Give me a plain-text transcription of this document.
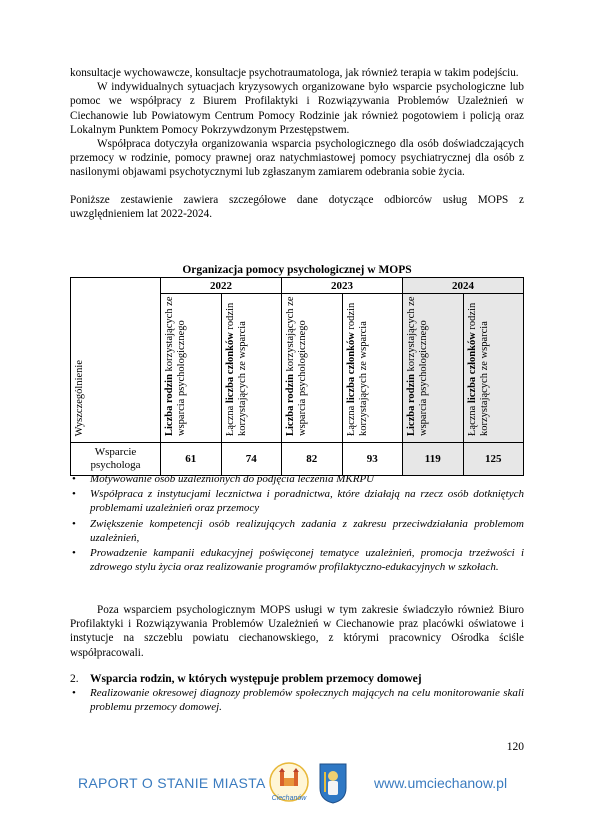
konsultacje wychowawcze, konsultacje psychotraumatologa, jak również terapia w takim podejściu.

W indywidualnych sytuacjach kryzysowych organizowane było wsparcie psychologiczne lub pomoc we współpracy z Biurem Profilaktyki i Rozwiązywania Problemów Uzależnień w Ciechanowie lub Powiatowym Centrum Pomocy Rodzinie jak również pogotowiem i policją oraz Lokalnym Punktem Pomocy Pokrzywdzonym Przestępstwem.

Współpraca dotyczyła organizowania wsparcia psychologicznego dla osób doświadczających przemocy w rodzinie, pomocy prawnej oraz natychmiastowej pomocy psychiatrycznej dla osób z nasilonymi objawami psychotycznymi lub zgłaszanym zamiarem odebrania sobie życia.

Poniższe zestawienie zawiera szczegółowe dane dotyczące odbiorców usług MOPS z uwzględnieniem lat 2022-2024.

Organizacja pomocy psychologicznej w MOPS						

Wyszczególnienie	2022		2023		2024	

	Liczba rodzin korzystających ze wsparcia psychologicznego	Łączna liczba członków rodzin korzystających ze wsparcia	Liczba rodzin korzystających ze wsparcia psychologicznego	Łączna liczba członków rodzin korzystających ze wsparcia	Liczba rodzin korzystających ze wsparcia psychologicznego	Łączna liczba członków rodzin korzystających ze wsparcia

Wsparcie psychologa	61	74	82	93	119	125
• Motywowanie osób uzależnionych do podjęcia leczenia MKRPU
• Współpraca z instytucjami lecznictwa i poradnictwa, które działają na rzecz osób dotkniętych problemami uzależnień oraz przemocy
• Zwiększenie kompetencji osób realizujących zadania z zakresu przeciwdziałania problemom uzależnień,
• Prowadzenie kampanii edukacyjnej poświęconej tematyce uzależnień, promocja trzeźwości i zdrowego stylu życia oraz realizowanie programów profilaktyczno-edukacyjnych w szkołach.

Poza wsparciem psychologicznym MOPS usługi w tym zakresie świadczyło również Biuro Profilaktyki i Rozwiązywania Problemów Uzależnień w Ciechanowie praz placówki oświatowe i instytucje na szczeblu powiatu ciechanowskiego, z którymi pracownicy Ośrodka ściśle współpracowali.

2. Wsparcia rodzin, w których występuje problem przemocy domowej
• Realizowanie okresowej diagnozy problemów społecznych mających na celu monitorowanie skali problemu przemocy domowej.
120
RAPORT O STANIE MIASTA
Ciechanów
www.umciechanow.pl
